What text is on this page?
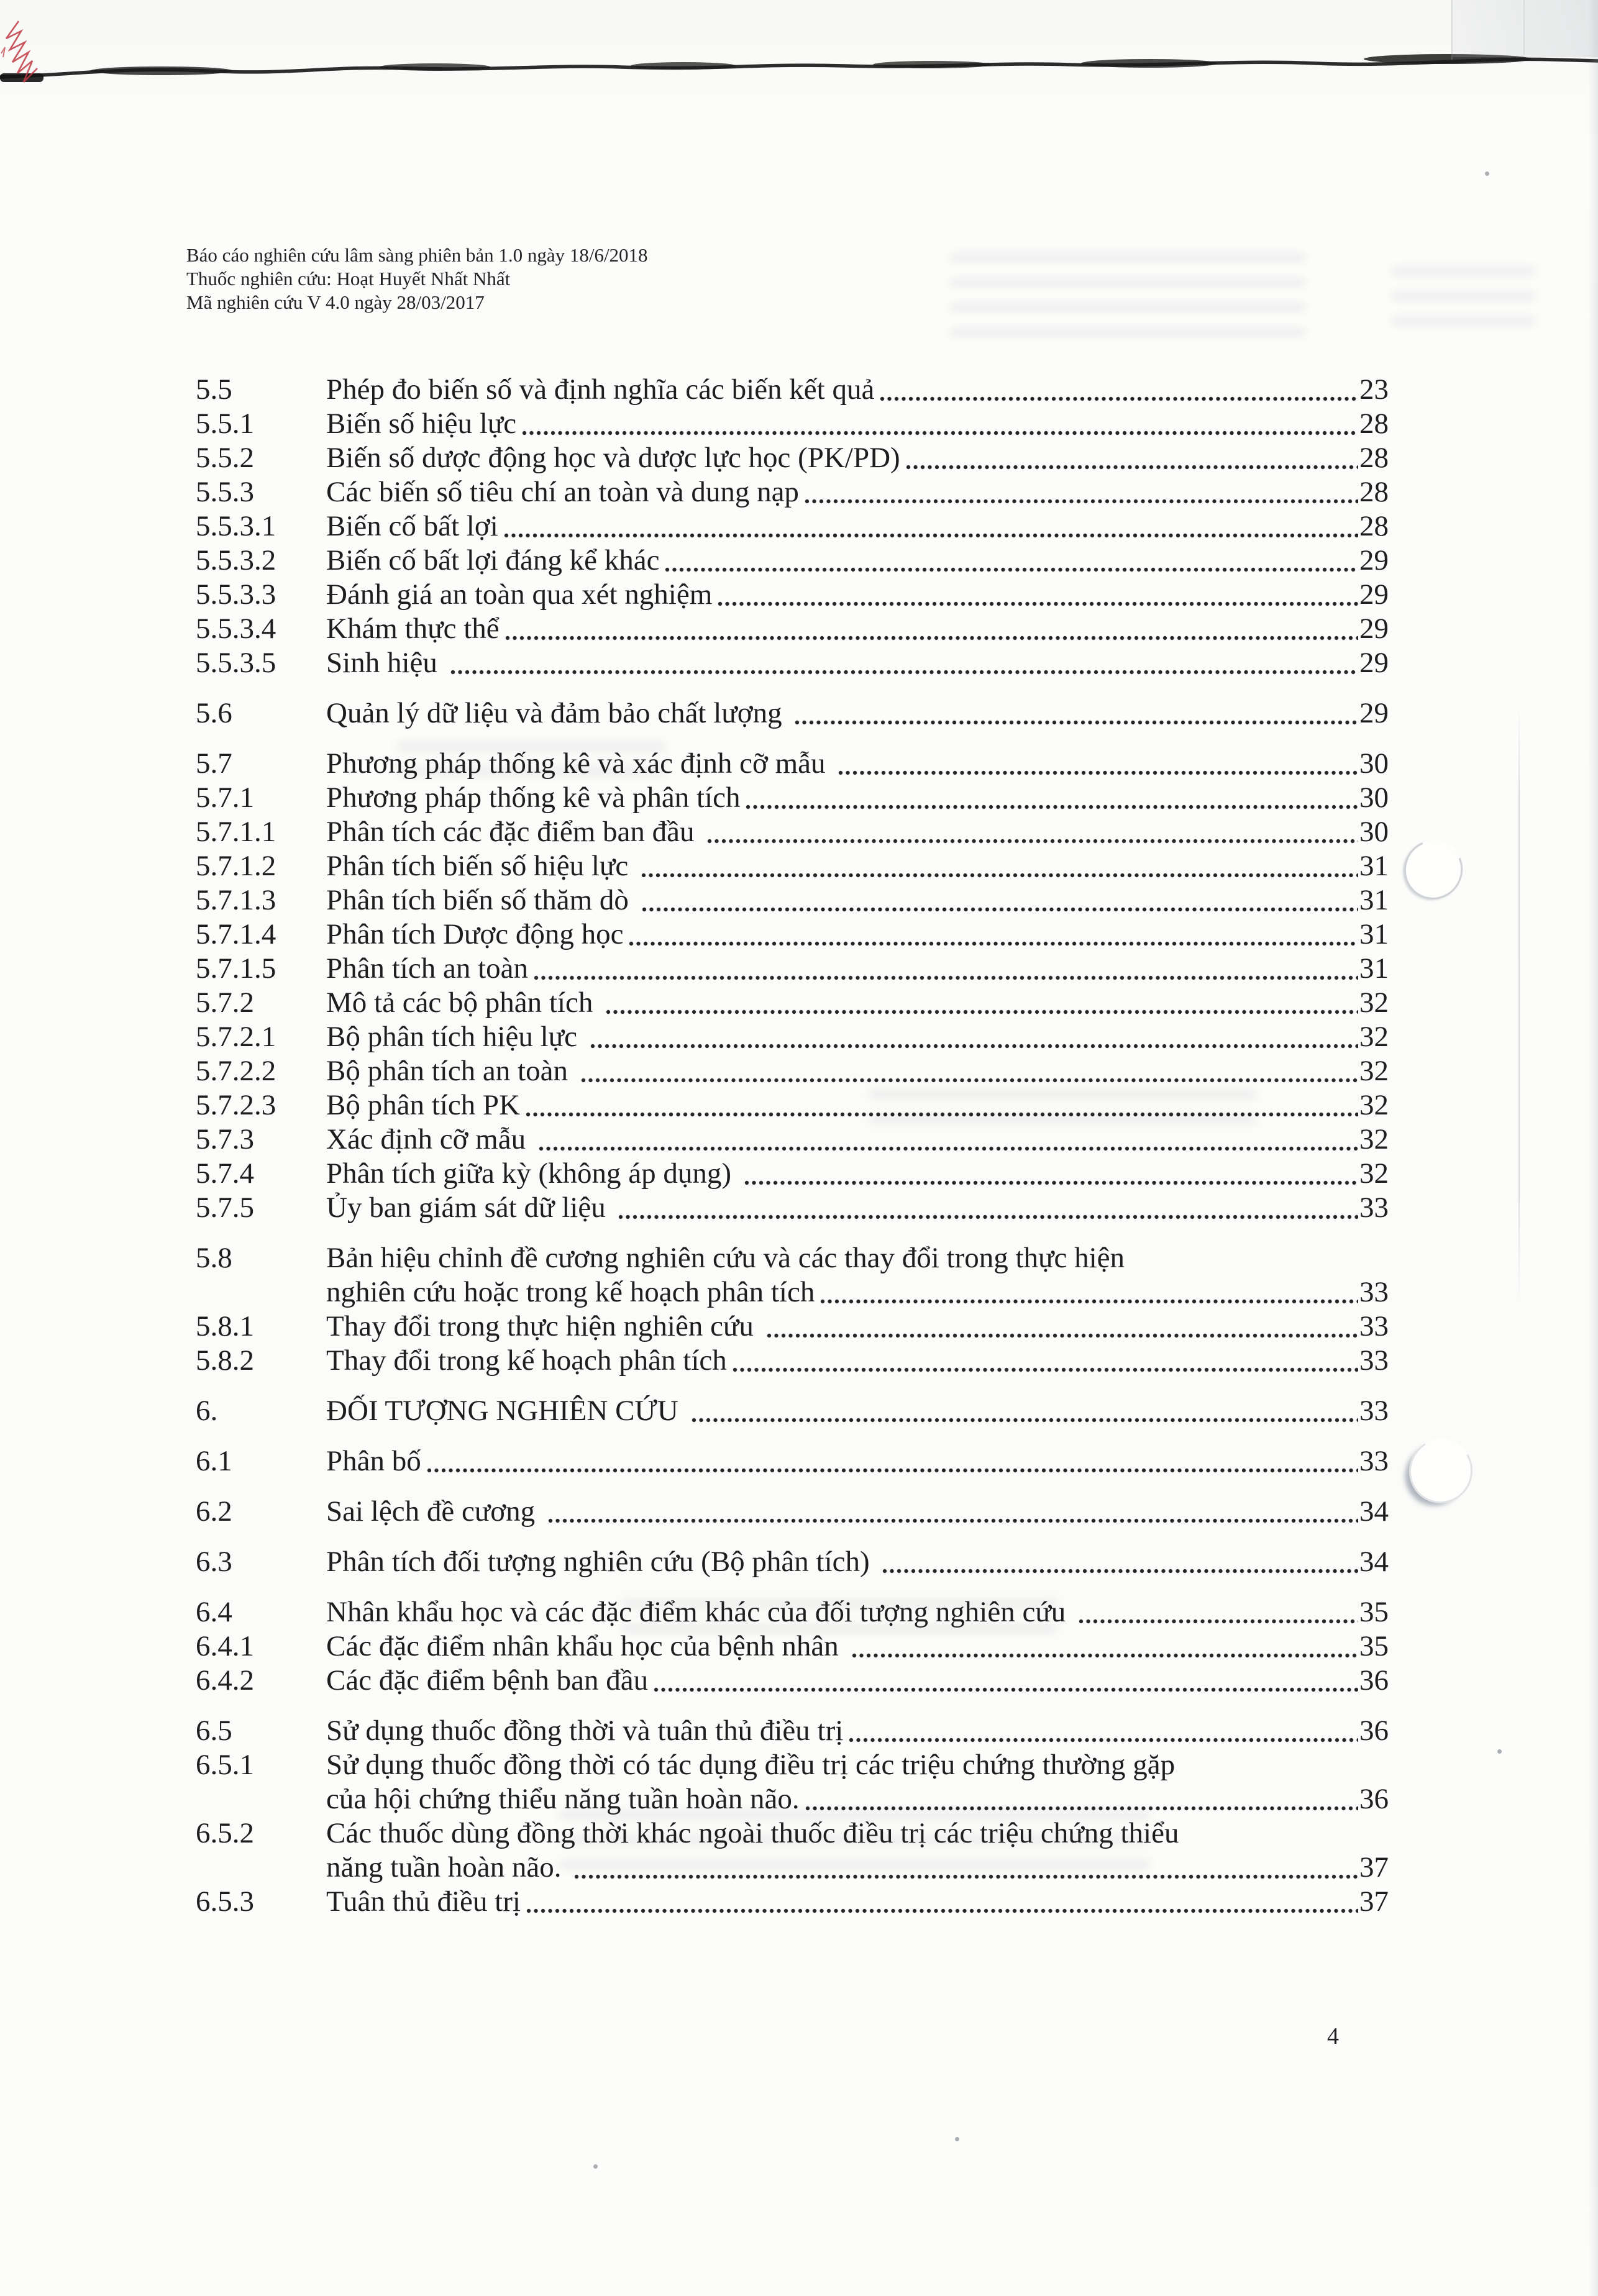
Báo cáo nghiên cứu lâm sàng phiên bản 1.0 ngày 18/6/2018
Thuốc nghiên cứu: Hoạt Huyết Nhất Nhất
Mã nghiên cứu V 4.0 ngày 28/03/2017
5.5	Phép đo biến số và định nghĩa các biến kết quả	23
5.5.1	Biến số hiệu lực	28
5.5.2	Biến số dược động học và dược lực học (PK/PD)	28
5.5.3	Các biến số tiêu chí an toàn và dung nạp	28
5.5.3.1	Biến cố bất lợi	28
5.5.3.2	Biến cố bất lợi đáng kể khác	29
5.5.3.3	Đánh giá an toàn qua xét nghiệm	29
5.5.3.4	Khám thực thể	29
5.5.3.5	Sinh hiệu	29
5.6	Quản lý dữ liệu và đảm bảo chất lượng	29
5.7	Phương pháp thống kê và xác định cỡ mẫu	30
5.7.1	Phương pháp thống kê và phân tích	30
5.7.1.1	Phân tích các đặc điểm ban đầu	30
5.7.1.2	Phân tích biến số hiệu lực	31
5.7.1.3	Phân tích biến số thăm dò	31
5.7.1.4	Phân tích Dược động học	31
5.7.1.5	Phân tích an toàn	31
5.7.2	Mô tả các bộ phân tích	32
5.7.2.1	Bộ phân tích hiệu lực	32
5.7.2.2	Bộ phân tích an toàn	32
5.7.2.3	Bộ phân tích PK	32
5.7.3	Xác định cỡ mẫu	32
5.7.4	Phân tích giữa kỳ (không áp dụng)	32
5.7.5	Ủy ban giám sát dữ liệu	33
5.8	Bản hiệu chỉnh đề cương nghiên cứu và các thay đổi trong thực hiện
nghiên cứu hoặc trong kế hoạch phân tích	33
5.8.1	Thay đổi trong thực hiện nghiên cứu	33
5.8.2	Thay đổi trong kế hoạch phân tích	33
6.	ĐỐI TƯỢNG NGHIÊN CỨU	33
6.1	Phân bố	33
6.2	Sai lệch đề cương	34
6.3	Phân tích đối tượng nghiên cứu (Bộ phân tích)	34
6.4	Nhân khẩu học và các đặc điểm khác của đối tượng nghiên cứu	35
6.4.1	Các đặc điểm nhân khẩu học của bệnh nhân	35
6.4.2	Các đặc điểm bệnh ban đầu	36
6.5	Sử dụng thuốc đồng thời và tuân thủ điều trị	36
6.5.1	Sử dụng thuốc đồng thời có tác dụng điều trị các triệu chứng thường gặp
của hội chứng thiểu năng tuần hoàn não.	36
6.5.2	Các thuốc dùng đồng thời khác ngoài thuốc điều trị các triệu chứng thiểu
năng tuần hoàn não.	37
6.5.3	Tuân thủ điều trị	37
4
